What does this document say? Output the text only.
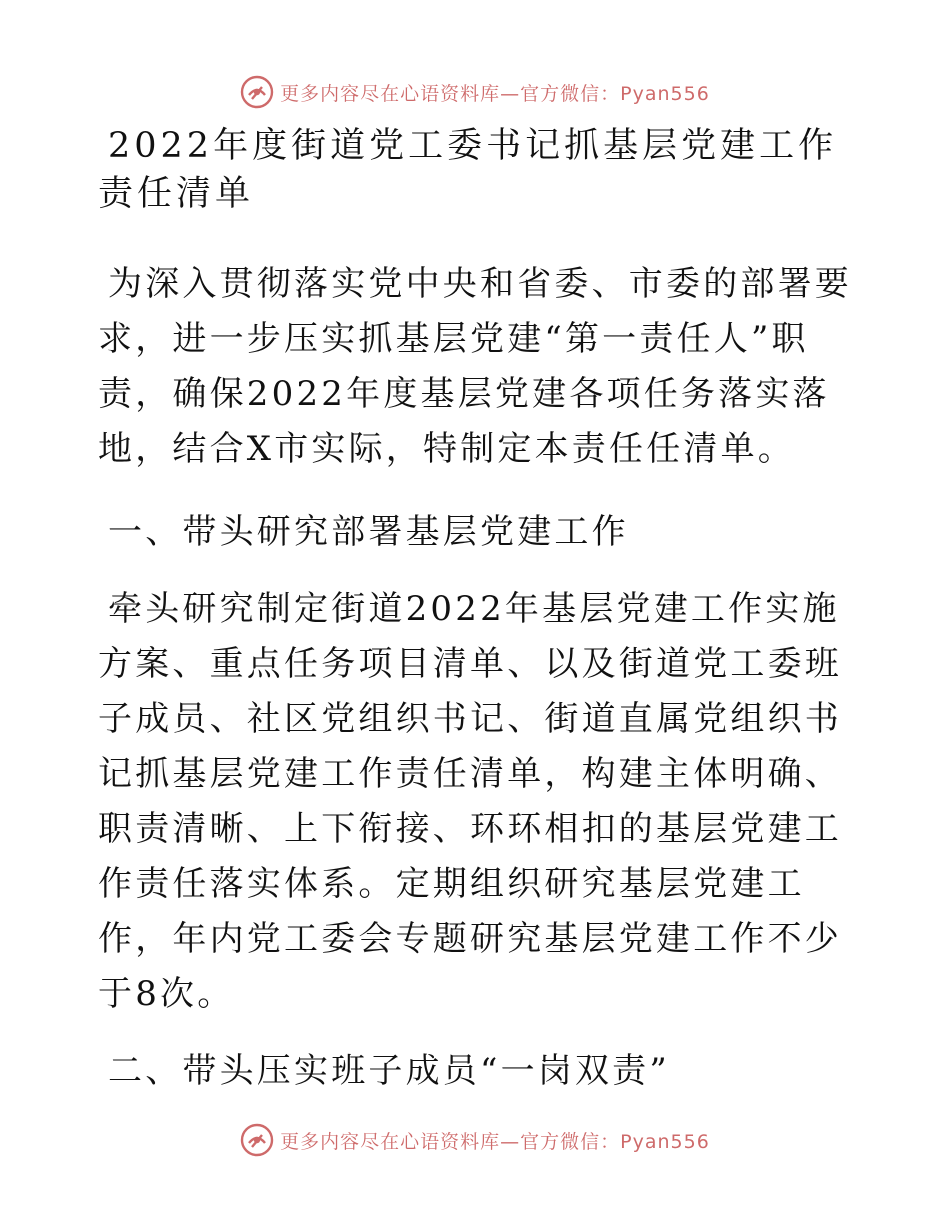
更多内容尽在心语资料库—官方微信：Pyan556
2022年度街道党工委书记抓基层党建工作责任清单

为深入贯彻落实党中央和省委、市委的部署要求，进一步压实抓基层党建“第一责任人”职责，确保2022年度基层党建各项任务落实落地，结合X市实际，特制定本责任任清单。

一、带头研究部署基层党建工作

牵头研究制定街道2022年基层党建工作实施方案、重点任务项目清单、以及街道党工委班子成员、社区党组织书记、街道直属党组织书记抓基层党建工作责任清单，构建主体明确、职责清晰、上下衔接、环环相扣的基层党建工作责任落实体系。定期组织研究基层党建工作，年内党工委会专题研究基层党建工作不少于8次。

二、带头压实班子成员“一岗双责”

更多内容尽在心语资料库—官方微信：Pyan556
